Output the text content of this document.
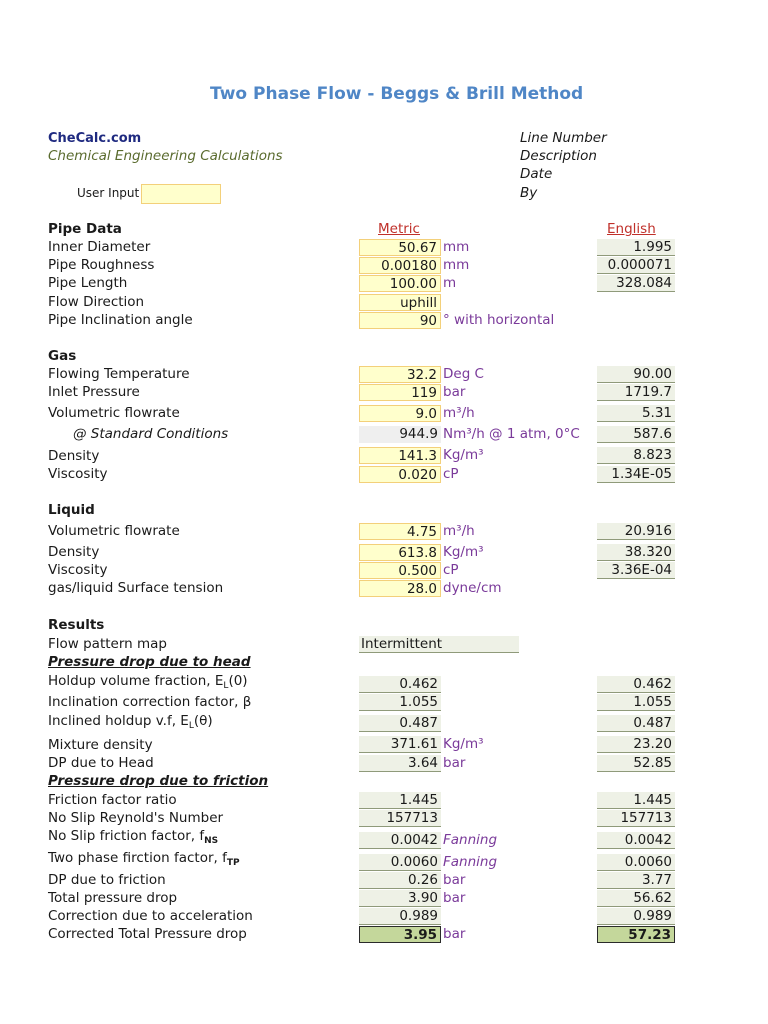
Two Phase Flow - Beggs & Brill Method
CheCalc.com
Chemical Engineering Calculations
Line Number
Description
Date
By
User Input
Pipe Data	Metric	English
Inner Diameter	50.67 mm	1.995
Pipe Roughness	0.00180 mm	0.000071
Pipe Length	100.00 m	328.084
Flow Direction	uphill
Pipe Inclination angle	90 ° with horizontal
Gas
Flowing Temperature	32.2 Deg C	90.00
Inlet Pressure	119 bar	1719.7
Volumetric flowrate	9.0 m³/h	5.31
@ Standard Conditions	944.9 Nm³/h @ 1 atm, 0°C	587.6
Density	141.3 Kg/m³	8.823
Viscosity	0.020 cP	1.34E-05
Liquid
Volumetric flowrate	4.75 m³/h	20.916
Density	613.8 Kg/m³	38.320
Viscosity	0.500 cP	3.36E-04
gas/liquid Surface tension	28.0 dyne/cm
Results
Flow pattern map	Intermittent
Pressure drop due to head
Holdup volume fraction, $E_L(0)$	0.462	0.462
Inclination correction factor, β	1.055	1.055
Inclined holdup v.f, $E_L(\theta)$	0.487	0.487
Mixture density	371.61 Kg/m³	23.20
DP due to Head	3.64 bar	52.85
Pressure drop due to friction
Friction factor ratio	1.445	1.445
No Slip Reynold's Number	157713	157713
No Slip friction factor, $f_{NS}$	0.0042 Fanning	0.0042
Two phase firction factor, $f_{TP}$	0.0060 Fanning	0.0060
DP due to friction	0.26 bar	3.77
Total pressure drop	3.90 bar	56.62
Correction due to acceleration	0.989	0.989
Corrected Total Pressure drop	3.95 bar	57.23
